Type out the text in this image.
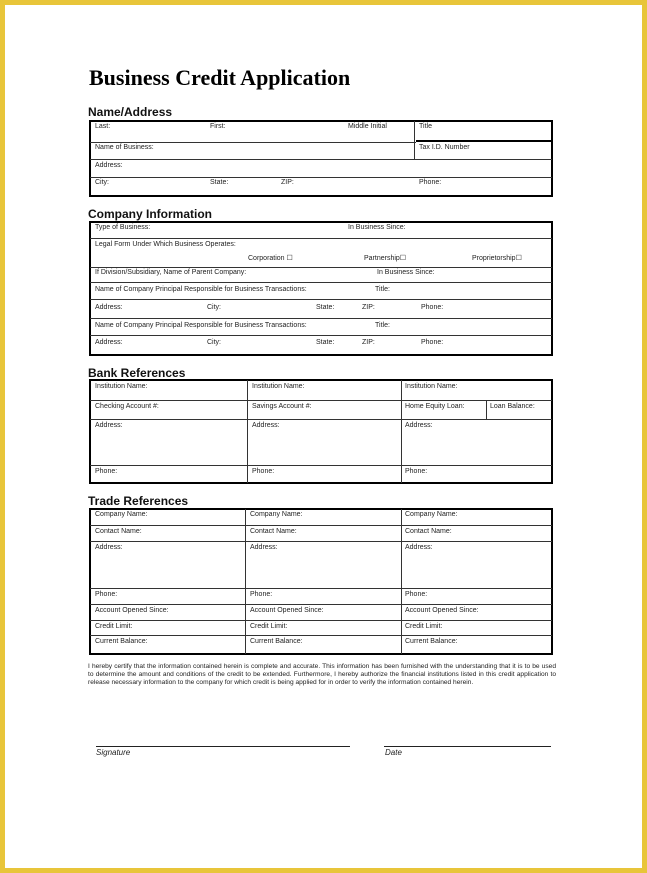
Business Credit Application
Name/Address
Last:	First:	Middle Initial	Title
Name of Business:	Tax I.D. Number
Address:
City:	State:	ZIP:	Phone:
Company Information
Type of Business:	In Business Since:
Legal Form Under Which Business Operates:
Corporation ☐	Partnership☐	Proprietorship☐
If Division/Subsidiary, Name of Parent Company:	In Business Since:
Name of Company Principal Responsible for Business Transactions:	Title:
Address:	City:	State:	ZIP:	Phone:
Name of Company Principal Responsible for Business Transactions:	Title:
Address:	City:	State:	ZIP:	Phone:
Bank References
Institution Name:	Institution Name:	Institution Name:
Checking Account #:	Savings Account #:	Home Equity Loan:	Loan Balance:
Address:	Address:	Address:
Phone:	Phone:	Phone:
Trade References
Company Name:	Company Name:	Company Name:
Contact Name:	Contact Name:	Contact Name:
Address:	Address:	Address:
Phone:	Phone:	Phone:
Account Opened Since:	Account Opened Since:	Account Opened Since:
Credit Limit:	Credit Limit:	Credit Limit:
Current Balance:	Current Balance:	Current Balance:
I hereby certify that the information contained herein is complete and accurate. This information has been furnished with the understanding that it is to be used to determine the amount and conditions of the credit to be extended. Furthermore, I hereby authorize the financial institutions listed in this credit application to release necessary information to the company for which credit is being applied for in order to verify the information contained herein.
Signature	Date
